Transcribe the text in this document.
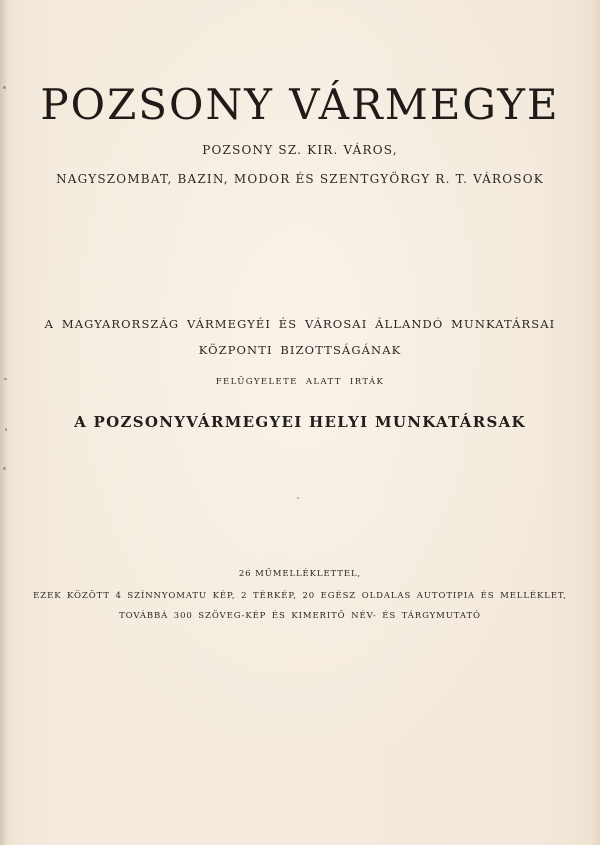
POZSONY VÁRMEGYE
POZSONY SZ. KIR. VÁROS,
NAGYSZOMBAT, BAZIN, MODOR ÉS SZENTGYÖRGY R. T. VÁROSOK
A MAGYARORSZÁG VÁRMEGYÉI ÉS VÁROSAI ÁLLANDÓ MUNKATÁRSAI
KÖZPONTI BIZOTTSÁGÁNAK
FELÜGYELETE ALATT IRTÁK
A POZSONYVÁRMEGYEI HELYI MUNKATÁRSAK
26 MŰMELLÉKLETTEL,
EZEK KÖZÖTT 4 SZÍNNYOMATU KÉP, 2 TÉRKÉP, 20 EGÉSZ OLDALAS AUTOTIPIA ÉS MELLÉKLET,
TOVÁBBÁ 300 SZÖVEG-KÉP ÉS KIMERITŐ NÉV- ÉS TÁRGYMUTATÓ
